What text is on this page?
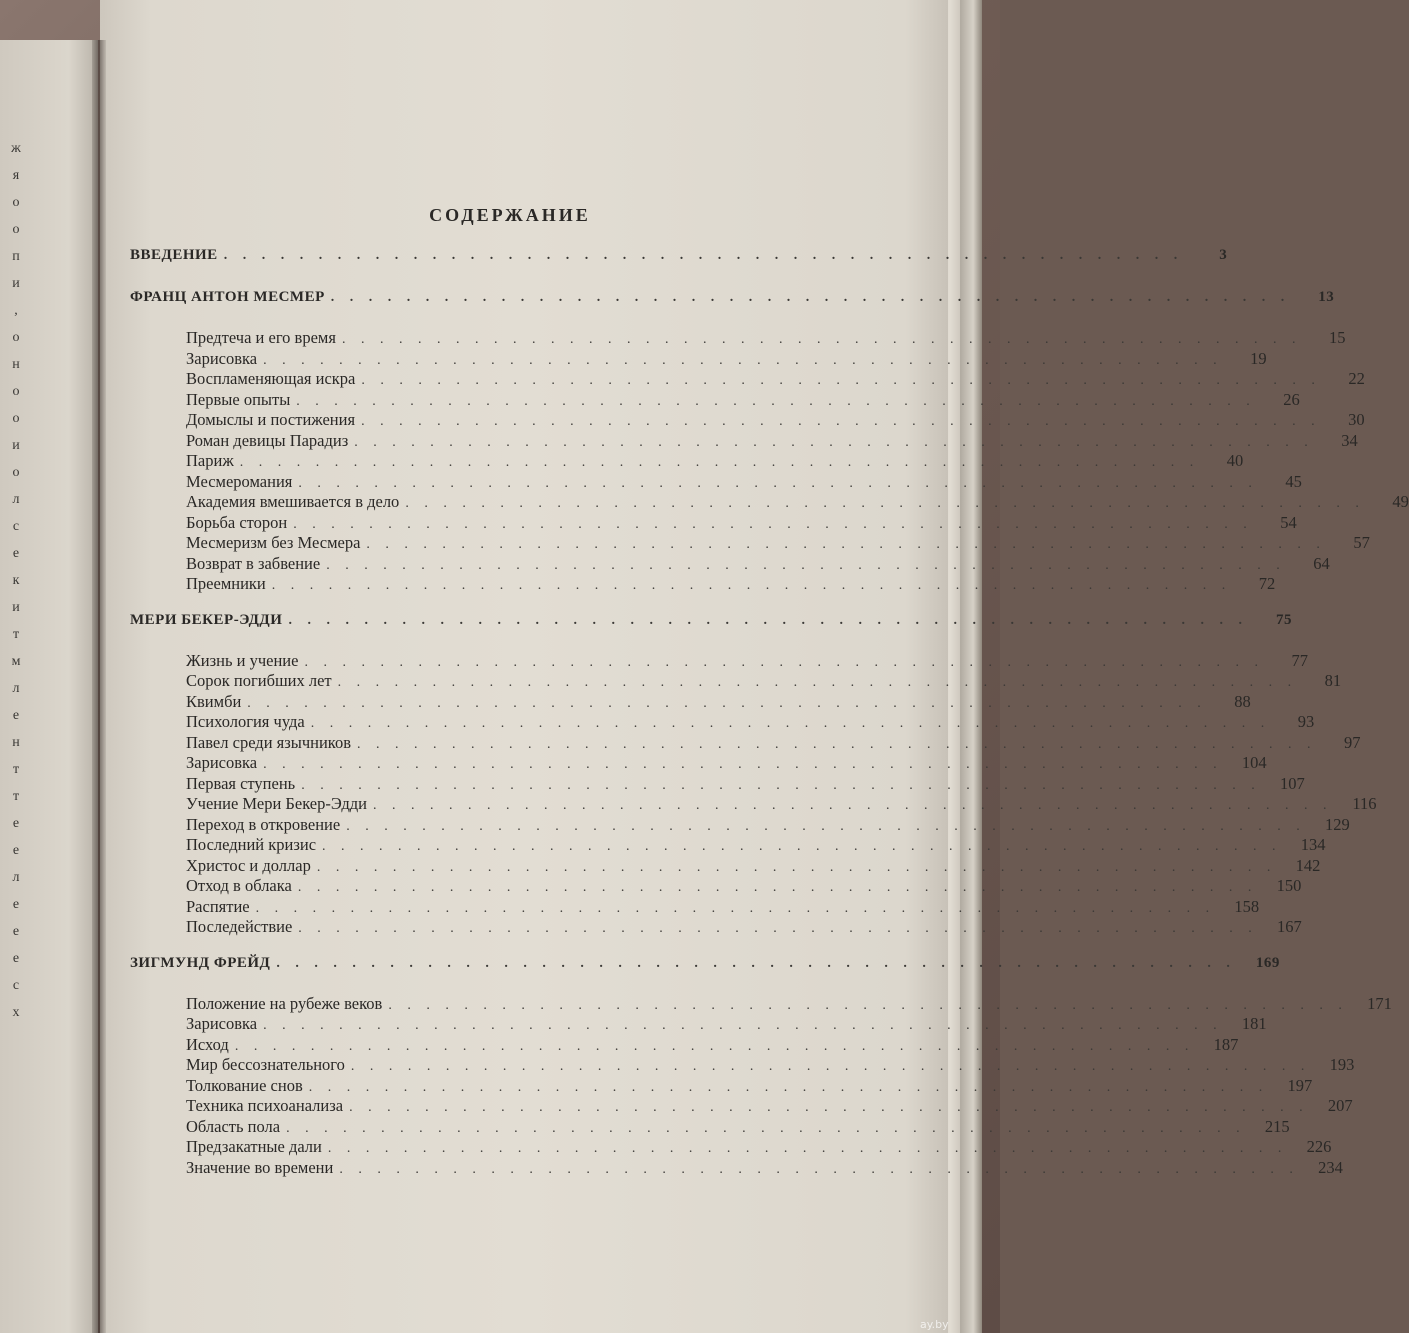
ж
я
о
о
п
и
,
о
н
о
о
и
о
л
с
е
к
и
т
м
л
е
н
т
т
е
е
л
е
е
е
с
х
СОДЕРЖАНИЕ
ВВЕДЕНИЕ . . . . . . . . . . . . . . . . . . . . . . . . . . . . . . . . . . . . . . . . . . . . . . . . . . .	3
ФРАНЦ АНТОН МЕСМЕР . . . . . . . . . . . . . . . . . . . . . . . . . . . . . . . . . . . . . . . . . . . . . . . . . . .	13
Предтеча и его время . . . . . . . . . . . . . . . . . . . . . . . . . . . . . . . . . . . . . . . . . . . . . . . . . . .	15
Зарисовка . . . . . . . . . . . . . . . . . . . . . . . . . . . . . . . . . . . . . . . . . . . . . . . . . . .	19
Воспламеняющая искра . . . . . . . . . . . . . . . . . . . . . . . . . . . . . . . . . . . . . . . . . . . . . . . . . . .	22
Первые опыты . . . . . . . . . . . . . . . . . . . . . . . . . . . . . . . . . . . . . . . . . . . . . . . . . . .	26
Домыслы и постижения . . . . . . . . . . . . . . . . . . . . . . . . . . . . . . . . . . . . . . . . . . . . . . . . . . .	30
Роман девицы Парадиз . . . . . . . . . . . . . . . . . . . . . . . . . . . . . . . . . . . . . . . . . . . . . . . . . . .	34
Париж . . . . . . . . . . . . . . . . . . . . . . . . . . . . . . . . . . . . . . . . . . . . . . . . . . .	40
Месмеромания . . . . . . . . . . . . . . . . . . . . . . . . . . . . . . . . . . . . . . . . . . . . . . . . . . .	45
Академия вмешивается в дело . . . . . . . . . . . . . . . . . . . . . . . . . . . . . . . . . . . . . . . . . . . . . . . . . . .	49
Борьба сторон . . . . . . . . . . . . . . . . . . . . . . . . . . . . . . . . . . . . . . . . . . . . . . . . . . .	54
Месмеризм без Месмера . . . . . . . . . . . . . . . . . . . . . . . . . . . . . . . . . . . . . . . . . . . . . . . . . . .	57
Возврат в забвение . . . . . . . . . . . . . . . . . . . . . . . . . . . . . . . . . . . . . . . . . . . . . . . . . . .	64
Преемники . . . . . . . . . . . . . . . . . . . . . . . . . . . . . . . . . . . . . . . . . . . . . . . . . . .	72
МЕРИ БЕКЕР-ЭДДИ . . . . . . . . . . . . . . . . . . . . . . . . . . . . . . . . . . . . . . . . . . . . . . . . . . .	75
Жизнь и учение . . . . . . . . . . . . . . . . . . . . . . . . . . . . . . . . . . . . . . . . . . . . . . . . . . .	77
Сорок погибших лет . . . . . . . . . . . . . . . . . . . . . . . . . . . . . . . . . . . . . . . . . . . . . . . . . . .	81
Квимби . . . . . . . . . . . . . . . . . . . . . . . . . . . . . . . . . . . . . . . . . . . . . . . . . . .	88
Психология чуда . . . . . . . . . . . . . . . . . . . . . . . . . . . . . . . . . . . . . . . . . . . . . . . . . . .	93
Павел среди язычников . . . . . . . . . . . . . . . . . . . . . . . . . . . . . . . . . . . . . . . . . . . . . . . . . . .	97
Зарисовка . . . . . . . . . . . . . . . . . . . . . . . . . . . . . . . . . . . . . . . . . . . . . . . . . . .	104
Первая ступень . . . . . . . . . . . . . . . . . . . . . . . . . . . . . . . . . . . . . . . . . . . . . . . . . . .	107
Учение Мери Бекер-Эдди . . . . . . . . . . . . . . . . . . . . . . . . . . . . . . . . . . . . . . . . . . . . . . . . . . .	116
Переход в откровение . . . . . . . . . . . . . . . . . . . . . . . . . . . . . . . . . . . . . . . . . . . . . . . . . . .	129
Последний кризис . . . . . . . . . . . . . . . . . . . . . . . . . . . . . . . . . . . . . . . . . . . . . . . . . . .	134
Христос и доллар . . . . . . . . . . . . . . . . . . . . . . . . . . . . . . . . . . . . . . . . . . . . . . . . . . .	142
Отход в облака . . . . . . . . . . . . . . . . . . . . . . . . . . . . . . . . . . . . . . . . . . . . . . . . . . .	150
Распятие . . . . . . . . . . . . . . . . . . . . . . . . . . . . . . . . . . . . . . . . . . . . . . . . . . .	158
Последействие . . . . . . . . . . . . . . . . . . . . . . . . . . . . . . . . . . . . . . . . . . . . . . . . . . .	167
ЗИГМУНД ФРЕЙД . . . . . . . . . . . . . . . . . . . . . . . . . . . . . . . . . . . . . . . . . . . . . . . . . . .	169
Положение на рубеже веков . . . . . . . . . . . . . . . . . . . . . . . . . . . . . . . . . . . . . . . . . . . . . . . . . . .	171
Зарисовка . . . . . . . . . . . . . . . . . . . . . . . . . . . . . . . . . . . . . . . . . . . . . . . . . . .	181
Исход . . . . . . . . . . . . . . . . . . . . . . . . . . . . . . . . . . . . . . . . . . . . . . . . . . .	187
Мир бессознательного . . . . . . . . . . . . . . . . . . . . . . . . . . . . . . . . . . . . . . . . . . . . . . . . . . .	193
Толкование снов . . . . . . . . . . . . . . . . . . . . . . . . . . . . . . . . . . . . . . . . . . . . . . . . . . .	197
Техника психоанализа . . . . . . . . . . . . . . . . . . . . . . . . . . . . . . . . . . . . . . . . . . . . . . . . . . .	207
Область пола . . . . . . . . . . . . . . . . . . . . . . . . . . . . . . . . . . . . . . . . . . . . . . . . . . .	215
Предзакатные дали . . . . . . . . . . . . . . . . . . . . . . . . . . . . . . . . . . . . . . . . . . . . . . . . . . .	226
Значение во времени . . . . . . . . . . . . . . . . . . . . . . . . . . . . . . . . . . . . . . . . . . . . . . . . . . .	234
ay.by
